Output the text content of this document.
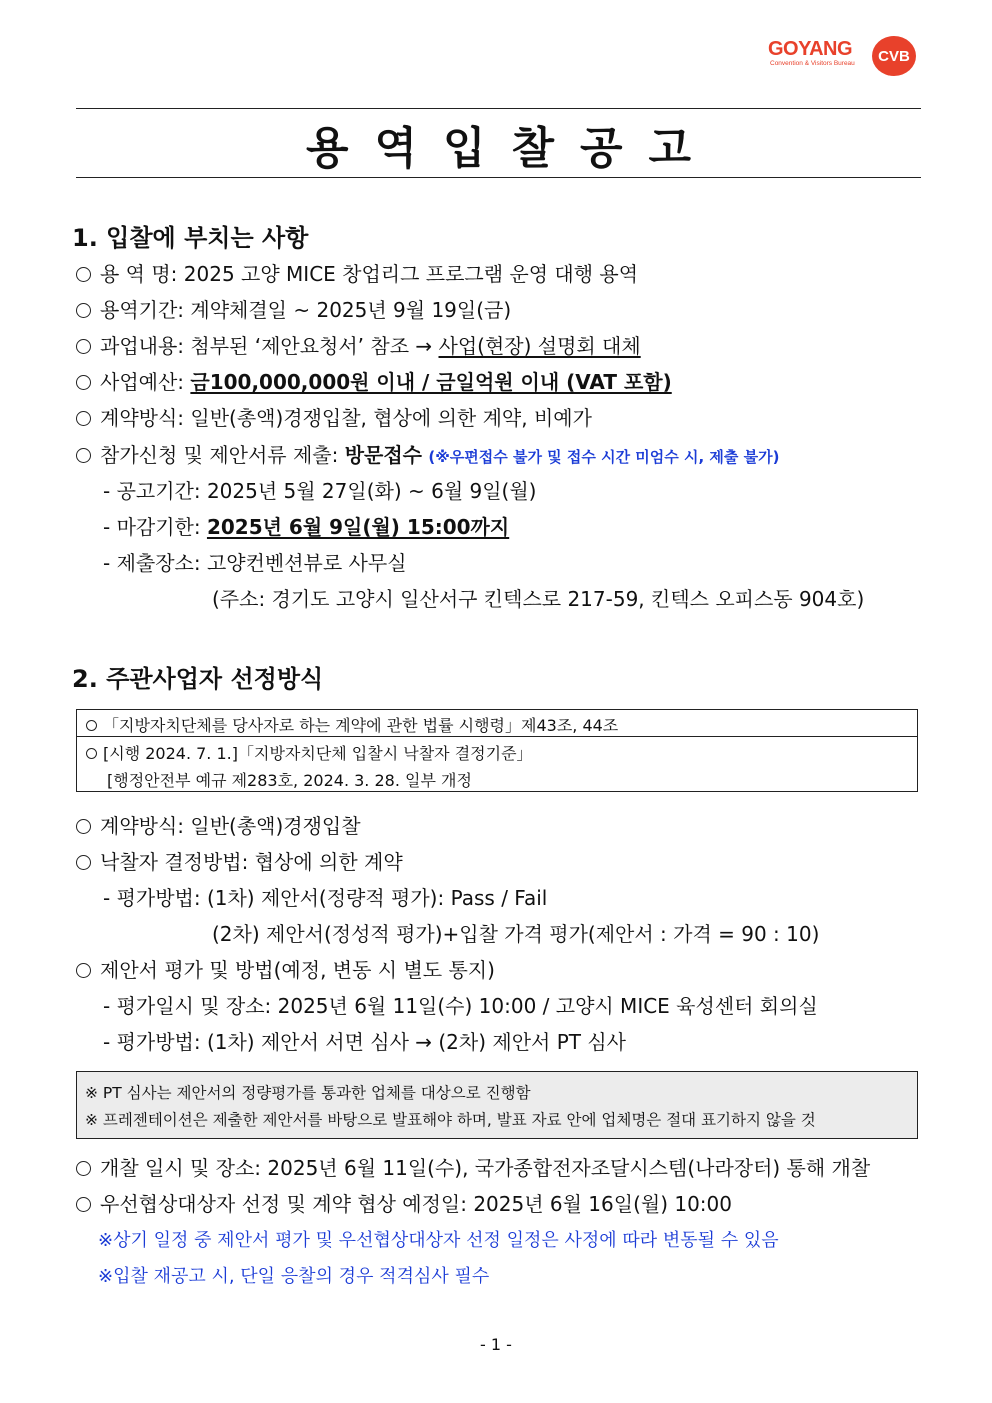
GOYANG
Convention & Visitors Bureau	CVB
용역입찰공고
1. 입찰에 부치는 사항
용 역 명: 2025 고양 MICE 창업리그 프로그램 운영 대행 용역
용역기간: 계약체결일 ~ 2025년 9월 19일(금)
과업내용: 첨부된 ‘제안요청서’ 참조 → 사업(현장) 설명회 대체
사업예산: 금100,000,000원 이내 / 금일억원 이내 (VAT 포함)
계약방식: 일반(총액)경쟁입찰, 협상에 의한 계약, 비예가
참가신청 및 제안서류 제출: 방문접수 (※우편접수 불가 및 접수 시간 미엄수 시, 제출 불가)
- 공고기간: 2025년 5월 27일(화) ~ 6월 9일(월)
- 마감기한: 2025년 6월 9일(월) 15:00까지
- 제출장소: 고양컨벤션뷰로 사무실
(주소: 경기도 고양시 일산서구 킨텍스로 217-59, 킨텍스 오피스동 904호)
2. 주관사업자 선정방식
「지방자치단체를 당사자로 하는 계약에 관한 법률 시행령」제43조, 44조
[시행 2024. 7. 1.]「지방자치단체 입찰시 낙찰자 결정기준」
[행정안전부 예규 제283호, 2024. 3. 28. 일부 개정
계약방식: 일반(총액)경쟁입찰
낙찰자 결정방법: 협상에 의한 계약
- 평가방법: (1차) 제안서(정량적 평가): Pass / Fail
(2차) 제안서(정성적 평가)+입찰 가격 평가(제안서 : 가격 = 90 : 10)
제안서 평가 및 방법(예정, 변동 시 별도 통지)
- 평가일시 및 장소: 2025년 6월 11일(수) 10:00 / 고양시 MICE 육성센터 회의실
- 평가방법: (1차) 제안서 서면 심사 → (2차) 제안서 PT 심사
※ PT 심사는 제안서의 정량평가를 통과한 업체를 대상으로 진행함
※ 프레젠테이션은 제출한 제안서를 바탕으로 발표해야 하며, 발표 자료 안에 업체명은 절대 표기하지 않을 것
개찰 일시 및 장소: 2025년 6월 11일(수), 국가종합전자조달시스템(나라장터) 통해 개찰
우선협상대상자 선정 및 계약 협상 예정일: 2025년 6월 16일(월) 10:00
※상기 일정 중 제안서 평가 및 우선협상대상자 선정 일정은 사정에 따라 변동될 수 있음
※입찰 재공고 시, 단일 응찰의 경우 적격심사 필수
- 1 -
